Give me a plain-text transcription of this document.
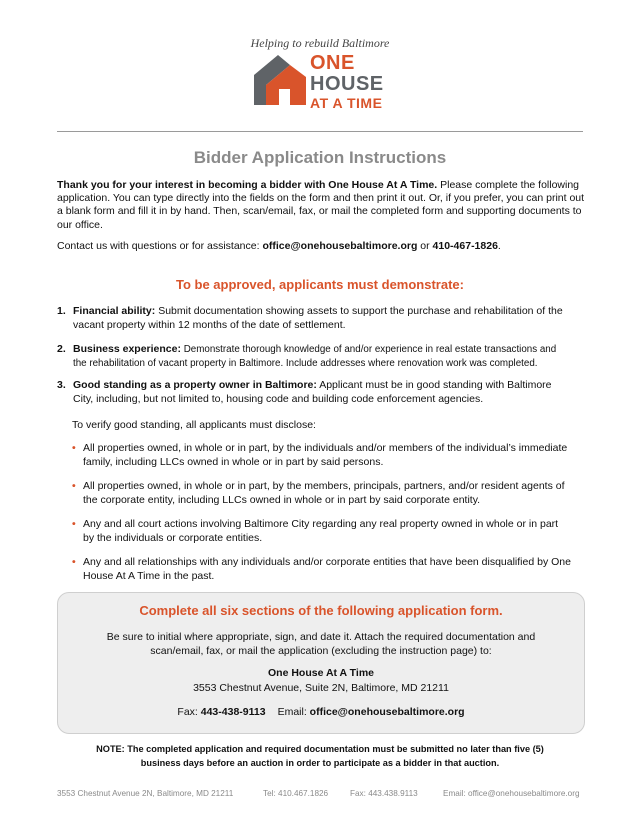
Helping to rebuild Baltimore
ONE
HOUSE
AT A TIME
Bidder Application Instructions
Thank you for your interest in becoming a bidder with One House At A Time. Please complete the following application. You can type directly into the fields on the form and then print it out. Or, if you prefer, you can print out a blank form and fill it in by hand. Then, scan/email, fax, or mail the completed form and supporting documents to our office.
Contact us with questions or for assistance: office@onehousebaltimore.org or 410-467-1826.
To be approved, applicants must demonstrate:
1. Financial ability: Submit documentation showing assets to support the purchase and rehabilitation of the vacant property within 12 months of the date of settlement.
2. Business experience: Demonstrate thorough knowledge of and/or experience in real estate transactions and the rehabilitation of vacant property in Baltimore. Include addresses where renovation work was completed.
3. Good standing as a property owner in Baltimore: Applicant must be in good standing with Baltimore City, including, but not limited to, housing code and building code enforcement agencies.
To verify good standing, all applicants must disclose:
• All properties owned, in whole or in part, by the individuals and/or members of the individual’s immediate family, including LLCs owned in whole or in part by said persons.
• All properties owned, in whole or in part, by the members, principals, partners, and/or resident agents of the corporate entity, including LLCs owned in whole or in part by said corporate entity.
• Any and all court actions involving Baltimore City regarding any real property owned in whole or in part by the individuals or corporate entities.
• Any and all relationships with any individuals and/or corporate entities that have been disqualified by One House At A Time in the past.
Complete all six sections of the following application form.
Be sure to initial where appropriate, sign, and date it. Attach the required documentation and scan/email, fax, or mail the application (excluding the instruction page) to:
One House At A Time
3553 Chestnut Avenue, Suite 2N, Baltimore, MD 21211
Fax: 443-438-9113 Email: office@onehousebaltimore.org
NOTE: The completed application and required documentation must be submitted no later than five (5) business days before an auction in order to participate as a bidder in that auction.
3553 Chestnut Avenue 2N, Baltimore, MD 21211	Tel: 410.467.1826	Fax: 443.438.9113	Email: office@onehousebaltimore.org
